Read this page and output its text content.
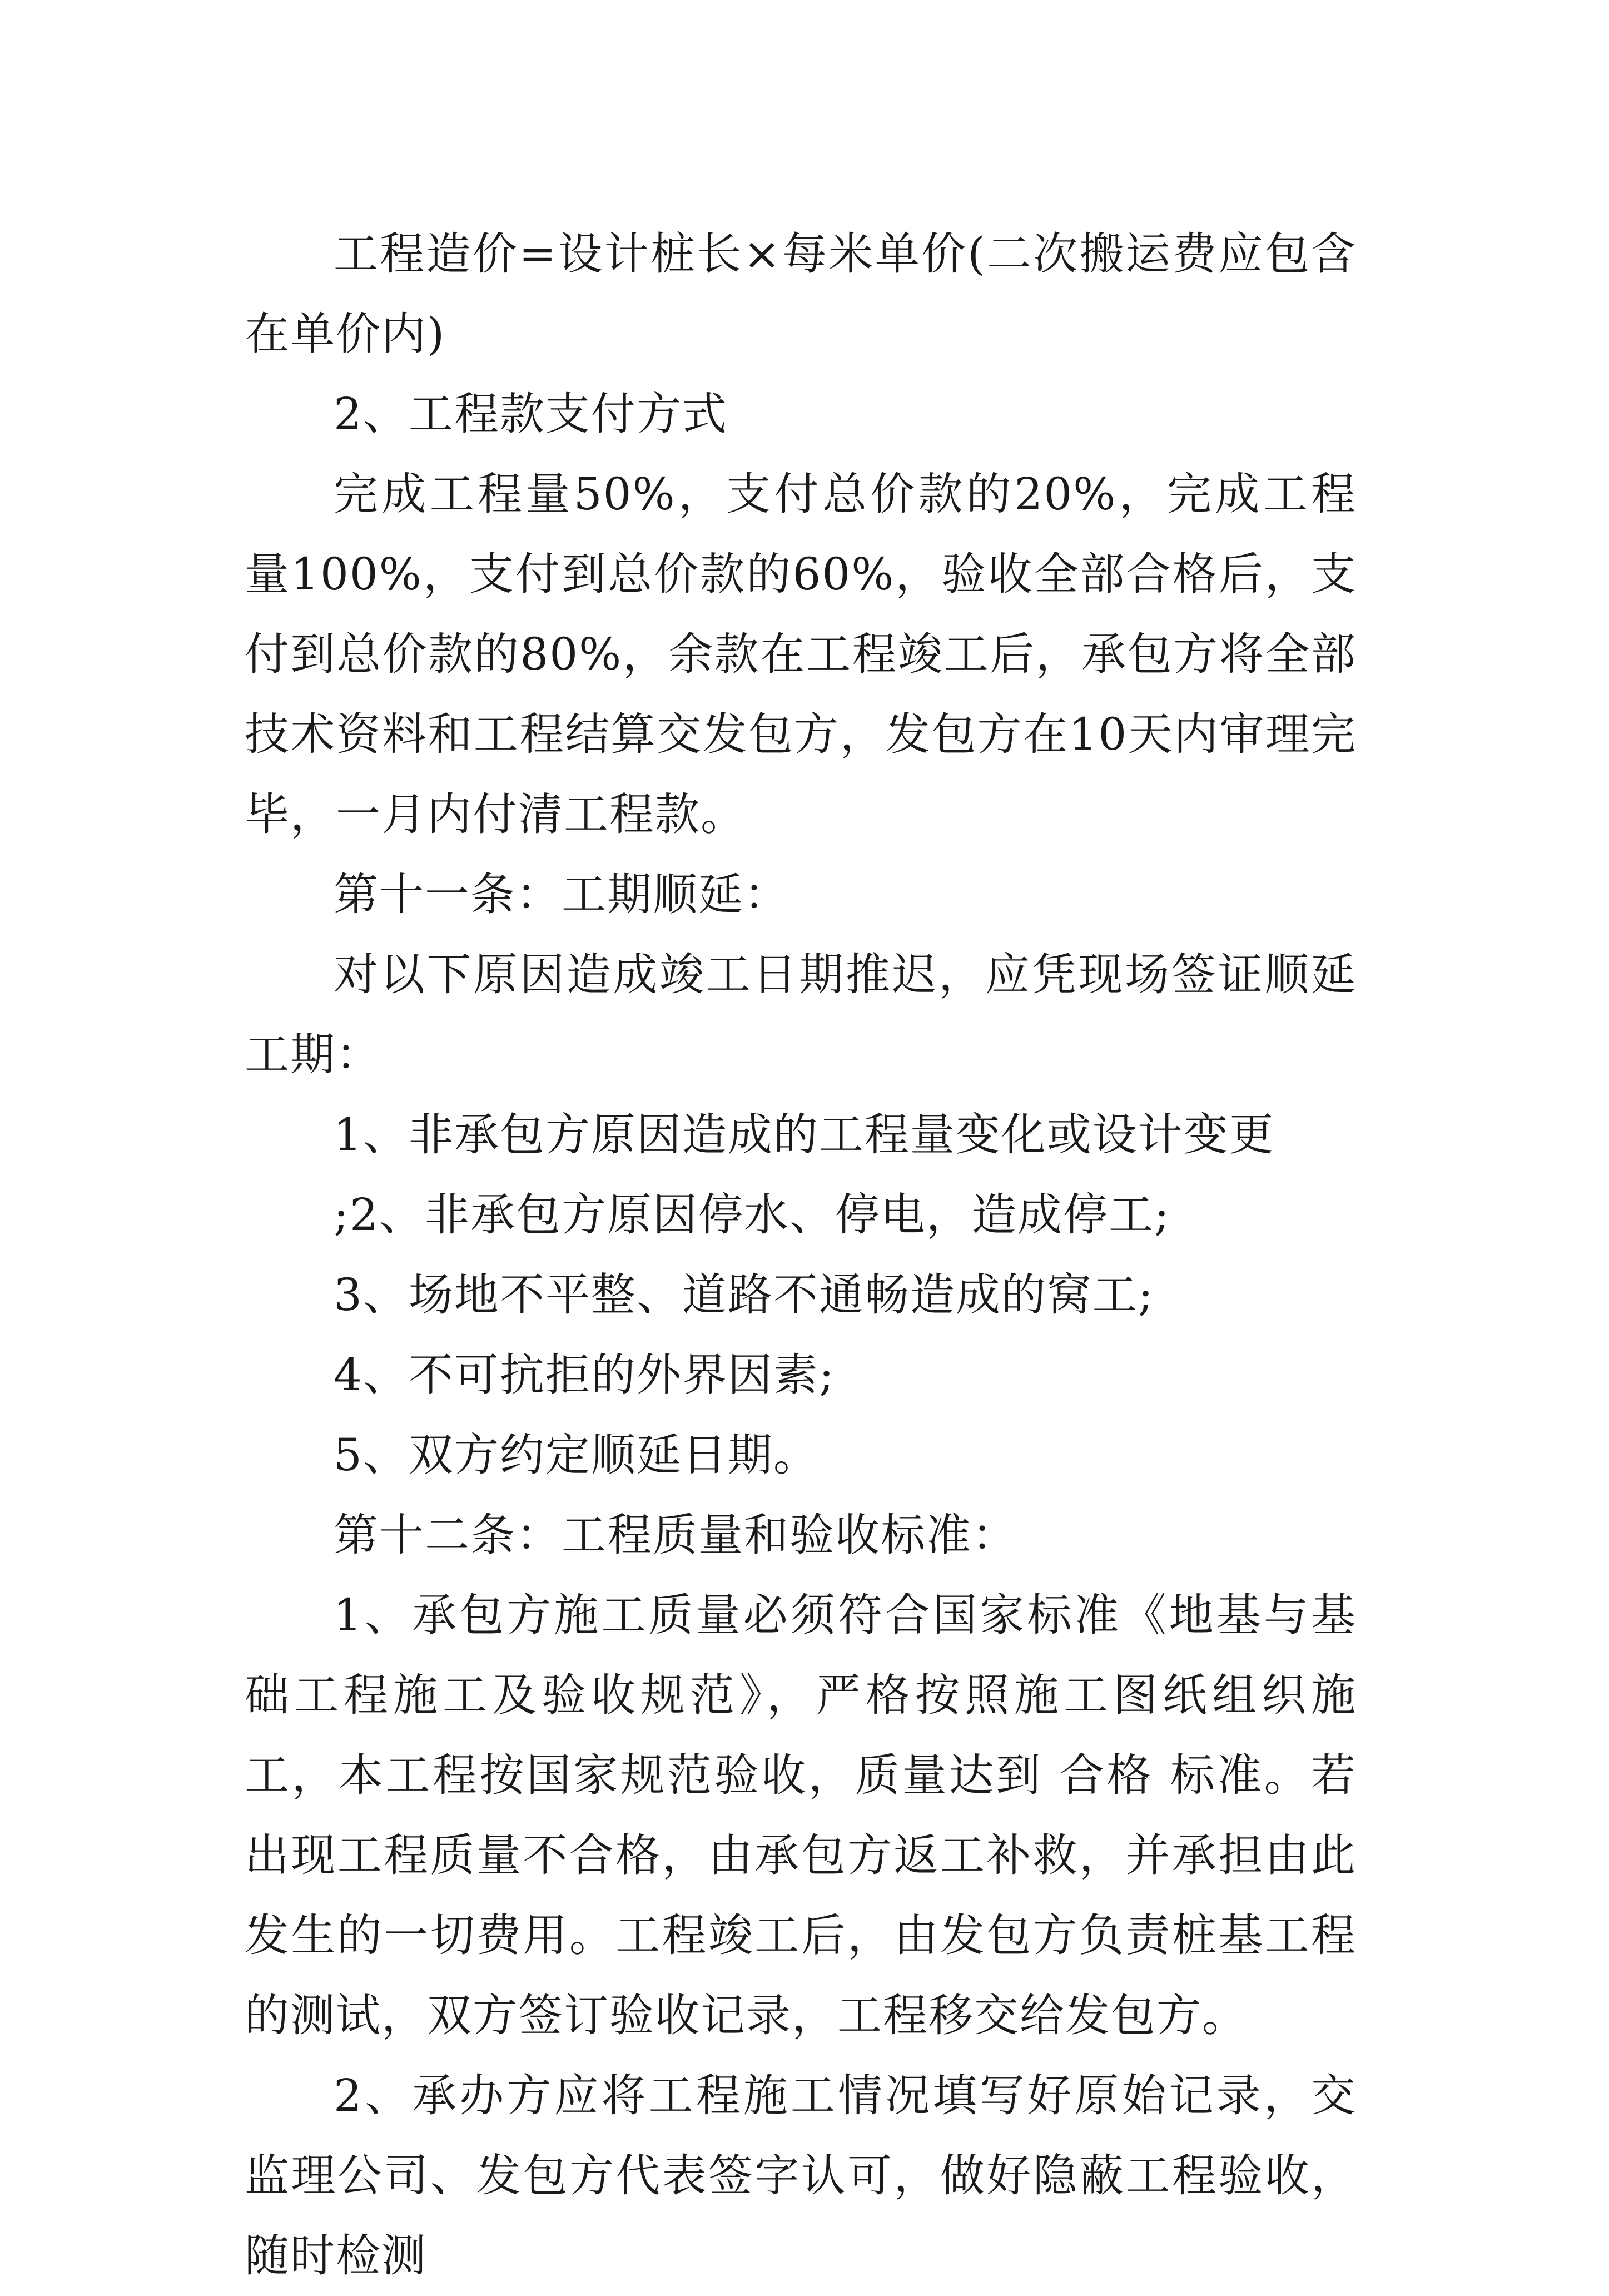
工程造价=设计桩长×每米单价(二次搬运费应包含在单价内)

2、工程款支付方式

完成工程量50%，支付总价款的20%，完成工程量100%，支付到总价款的60%，验收全部合格后，支付到总价款的80%，余款在工程竣工后，承包方将全部技术资料和工程结算交发包方，发包方在10天内审理完毕，一月内付清工程款。

第十一条：工期顺延：

对以下原因造成竣工日期推迟，应凭现场签证顺延工期：

1、非承包方原因造成的工程量变化或设计变更

;2、非承包方原因停水、停电，造成停工;

3、场地不平整、道路不通畅造成的窝工;

4、不可抗拒的外界因素;

5、双方约定顺延日期。

第十二条：工程质量和验收标准：

1、承包方施工质量必须符合国家标准《地基与基础工程施工及验收规范》，严格按照施工图纸组织施工，本工程按国家规范验收，质量达到 合格 标准。若出现工程质量不合格，由承包方返工补救，并承担由此发生的一切费用。工程竣工后，由发包方负责桩基工程的测试，双方签订验收记录，工程移交给发包方。

2、承办方应将工程施工情况填写好原始记录，交监理公司、发包方代表签字认可，做好隐蔽工程验收，随时检测
